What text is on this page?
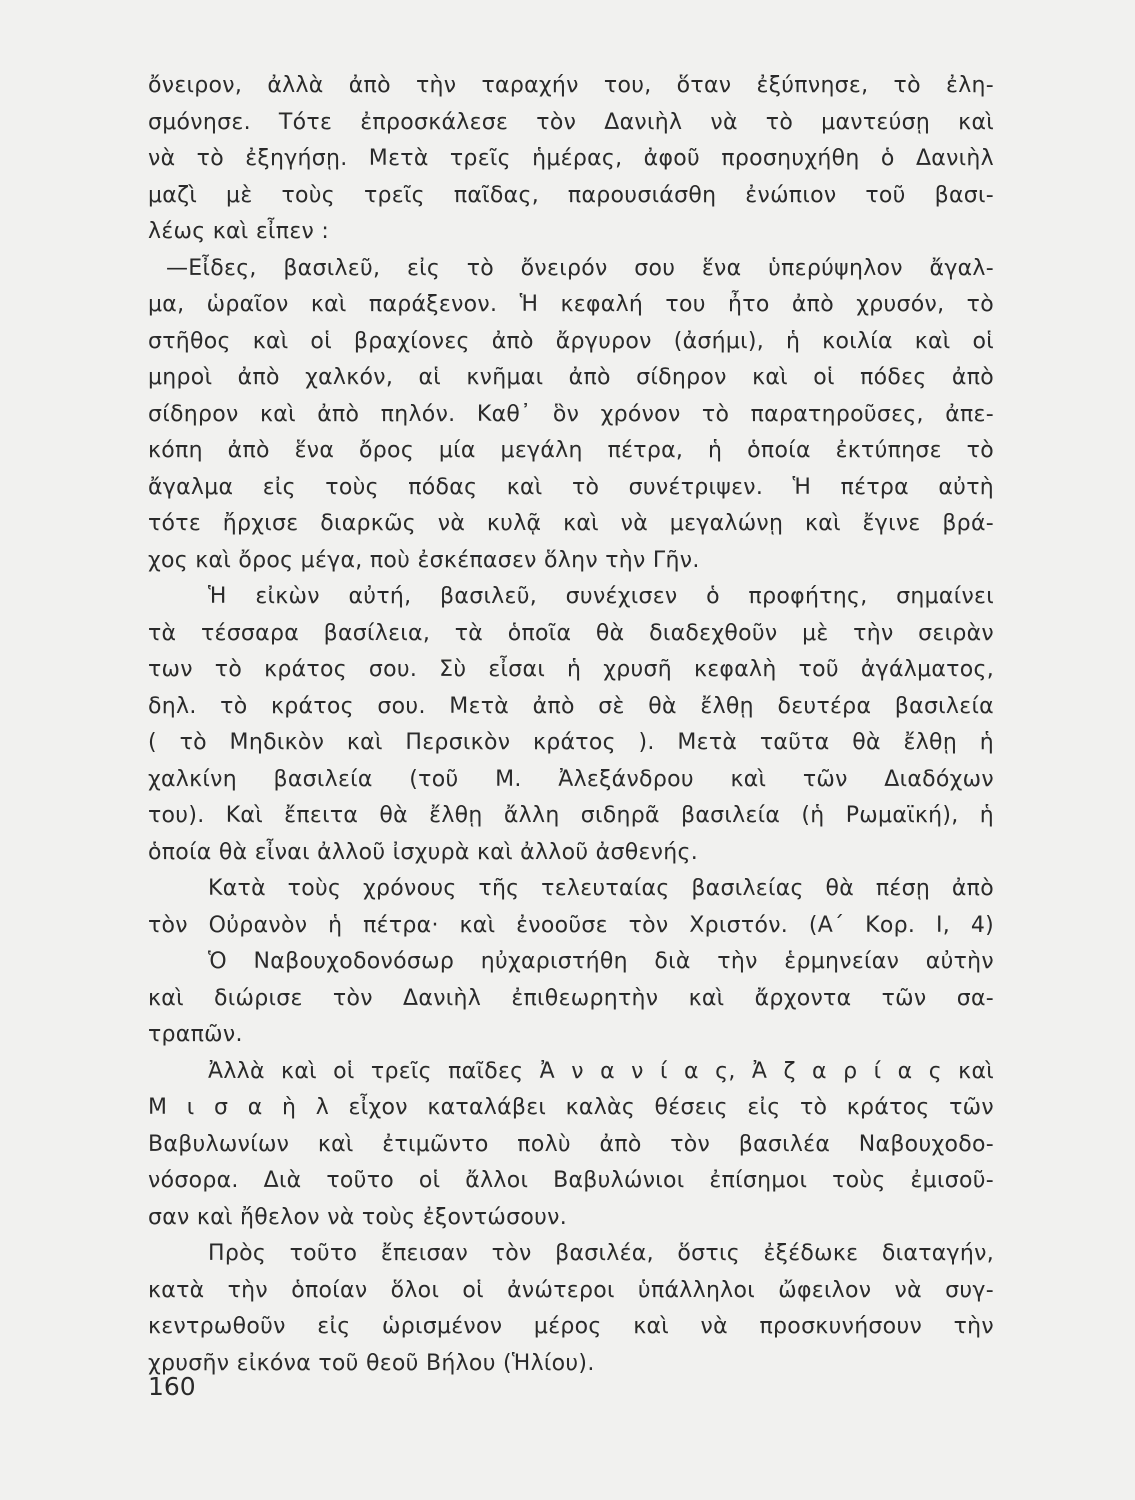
ὄνειρον, ἀλλὰ ἀπὸ τὴν ταραχήν του, ὅταν ἐξύπνησε, τὸ ἐλη-
σμόνησε. Τότε ἐπροσκάλεσε τὸν Δανιὴλ νὰ τὸ μαντεύσῃ καὶ
νὰ τὸ ἐξηγήσῃ. Μετὰ τρεῖς ἡμέρας, ἀφοῦ προσηυχήθη ὁ Δανιὴλ
μαζὶ μὲ τοὺς τρεῖς παῖδας, παρουσιάσθη ἐνώπιον τοῦ βασι-
λέως καὶ εἶπεν :
—Εἶδες, βασιλεῦ, εἰς τὸ ὄνειρόν σου ἕνα ὑπερύψηλον ἄγαλ-
μα, ὡραῖον καὶ παράξενον. Ἡ κεφαλή του ἦτο ἀπὸ χρυσόν, τὸ
στῆθος καὶ οἱ βραχίονες ἀπὸ ἄργυρον (ἀσήμι), ἡ κοιλία καὶ οἱ
μηροὶ ἀπὸ χαλκόν, αἱ κνῆμαι ἀπὸ σίδηρον καὶ οἱ πόδες ἀπὸ
σίδηρον καὶ ἀπὸ πηλόν. Καθ᾽ ὃν χρόνον τὸ παρατηροῦσες, ἀπε-
κόπη ἀπὸ ἕνα ὄρος μία μεγάλη πέτρα, ἡ ὁποία ἐκτύπησε τὸ
ἄγαλμα εἰς τοὺς πόδας καὶ τὸ συνέτριψεν. Ἡ πέτρα αὐτὴ
τότε ἤρχισε διαρκῶς νὰ κυλᾷ καὶ νὰ μεγαλώνῃ καὶ ἔγινε βρά-
χος καὶ ὄρος μέγα, ποὺ ἐσκέπασεν ὅλην τὴν Γῆν.
Ἡ εἰκὼν αὐτή, βασιλεῦ, συνέχισεν ὁ προφήτης, σημαίνει
τὰ τέσσαρα βασίλεια, τὰ ὁποῖα θὰ διαδεχθοῦν μὲ τὴν σειρὰν
των τὸ κράτος σου. Σὺ εἶσαι ἡ χρυσῆ κεφαλὴ τοῦ ἀγάλματος,
δηλ. τὸ κράτος σου. Μετὰ ἀπὸ σὲ θὰ ἔλθῃ δευτέρα βασιλεία
( τὸ Μηδικὸν καὶ Περσικὸν κράτος ). Μετὰ ταῦτα θὰ ἔλθῃ ἡ
χαλκίνη βασιλεία (τοῦ Μ. Ἀλεξάνδρου καὶ τῶν Διαδόχων
του). Καὶ ἔπειτα θὰ ἔλθῃ ἄλλη σιδηρᾶ βασιλεία (ἡ Ρωμαϊκή), ἡ
ὁποία θὰ εἶναι ἀλλοῦ ἰσχυρὰ καὶ ἀλλοῦ ἀσθενής.
Κατὰ τοὺς χρόνους τῆς τελευταίας βασιλείας θὰ πέσῃ ἀπὸ
τὸν Οὐρανὸν ἡ πέτρα· καὶ ἐνοοῦσε τὸν Χριστόν. (Α΄ Κορ. Ι, 4)
Ὁ Ναβουχοδονόσωρ ηὐχαριστήθη διὰ τὴν ἑρμηνείαν αὐτὴν
καὶ διώρισε τὸν Δανιὴλ ἐπιθεωρητὴν καὶ ἄρχοντα τῶν σα-
τραπῶν.
Ἀλλὰ καὶ οἱ τρεῖς παῖδες Ἀ ν α ν ί α ς, Ἀ ζ α ρ ί α ς καὶ
Μ ι σ α ὴ λ εἶχον καταλάβει καλὰς θέσεις εἰς τὸ κράτος τῶν
Βαβυλωνίων καὶ ἐτιμῶντο πολὺ ἀπὸ τὸν βασιλέα Ναβουχοδο-
νόσορα. Διὰ τοῦτο οἱ ἄλλοι Βαβυλώνιοι ἐπίσημοι τοὺς ἐμισοῦ-
σαν καὶ ἤθελον νὰ τοὺς ἐξοντώσουν.
Πρὸς τοῦτο ἔπεισαν τὸν βασιλέα, ὅστις ἐξέδωκε διαταγήν,
κατὰ τὴν ὁποίαν ὅλοι οἱ ἀνώτεροι ὑπάλληλοι ὤφειλον νὰ συγ-
κεντρωθοῦν εἰς ὡρισμένον μέρος καὶ νὰ προσκυνήσουν τὴν
χρυσῆν εἰκόνα τοῦ θεοῦ Βήλου (Ἡλίου).
160
